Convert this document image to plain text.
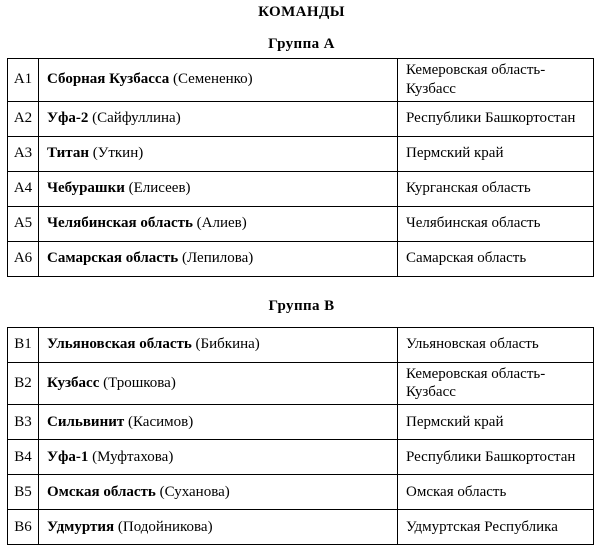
КОМАНДЫ
Группа А
A1	Сборная Кузбасса (Семененко)	Кемеровская область-Кузбасс
A2	Уфа-2 (Сайфуллина)	Республики Башкортостан
A3	Титан (Уткин)	Пермский край
A4	Чебурашки (Елисеев)	Курганская область
A5	Челябинская область (Алиев)	Челябинская область
A6	Самарская область (Лепилова)	Самарская область
Группа В
B1	Ульяновская область (Бибкина)	Ульяновская область
B2	Кузбасс (Трошкова)	Кемеровская область-Кузбасс
B3	Сильвинит (Касимов)	Пермский край
B4	Уфа-1 (Муфтахова)	Республики Башкортостан
B5	Омская область (Суханова)	Омская область
B6	Удмуртия (Подойникова)	Удмуртская Республика
